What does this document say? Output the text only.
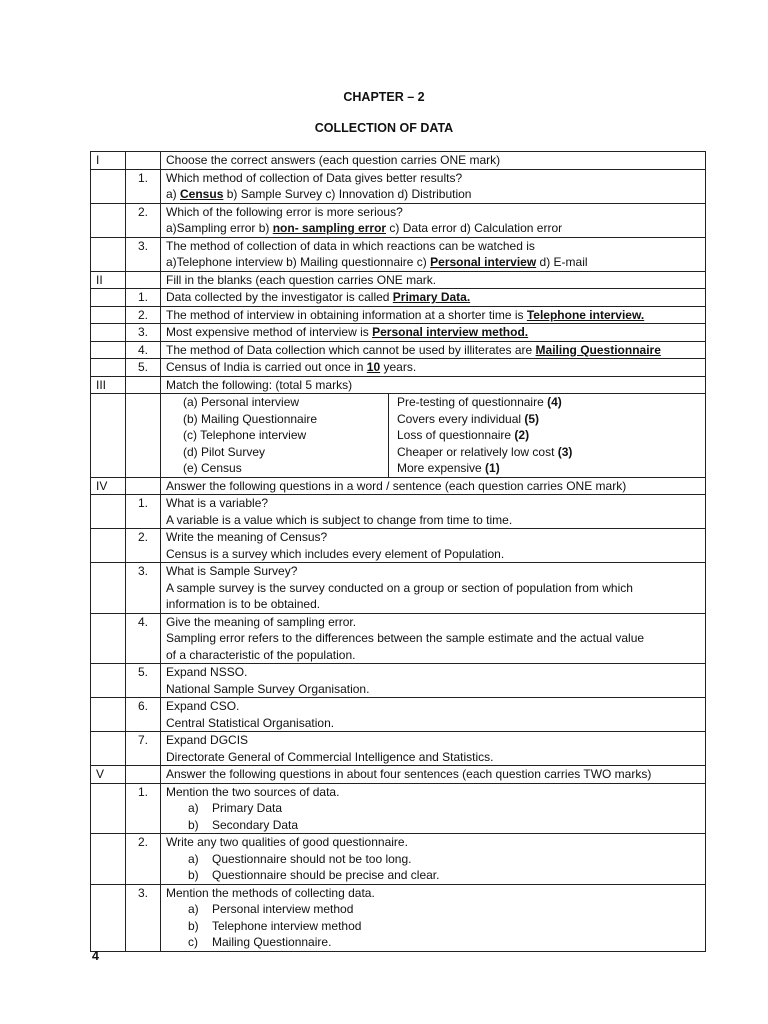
CHAPTER – 2
COLLECTION OF DATA
I		Choose the correct answers (each question carries ONE mark)
	1.	Which method of collection of Data gives better results?
a) Census b) Sample Survey c) Innovation d) Distribution

	2.	Which of the following error is more serious?
a)Sampling error b) non- sampling error c) Data error d) Calculation error

	3.	The method of collection of data in which reactions can be watched is
a)Telephone interview b) Mailing questionnaire c) Personal interview d) E-mail

II		Fill in the blanks (each question carries ONE mark.
	1.	Data collected by the investigator is called Primary Data.
	2.	The method of interview in obtaining information at a shorter time is Telephone interview.
	3.	Most expensive method of interview is Personal interview method.
	4.	The method of Data collection which cannot be used by illiterates are Mailing Questionnaire
	5.	Census of India is carried out once in 10 years.
III		Match the following: (total 5 marks)

(a) Personal interview	Pre-testing of questionnaire (4)
(b) Mailing Questionnaire	Covers every individual (5)
(c) Telephone interview	Loss of questionnaire (2)
(d) Pilot Survey	Cheaper or relatively low cost (3)
(e) Census	More expensive (1)

IV		Answer the following questions in a word / sentence (each question carries ONE mark)
	1.	What is a variable?
A variable is a value which is subject to change from time to time.

	2.	Write the meaning of Census?
Census is a survey which includes every element of Population.

	3.	What is Sample Survey?
A sample survey is the survey conducted on a group or section of population from which
information is to be obtained.

	4.	Give the meaning of sampling error.
Sampling error refers to the differences between the sample estimate and the actual value
of a characteristic of the population.

	5.	Expand NSSO.
National Sample Survey Organisation.

	6.	Expand CSO.
Central Statistical Organisation.

	7.	Expand DGCIS
Directorate General of Commercial Intelligence and Statistics.

V		Answer the following questions in about four sentences (each question carries TWO marks)
	1.	Mention the two sources of data.
a)	Primary Data
b)	Secondary Data

	2.	Write any two qualities of good questionnaire.
a)	Questionnaire should not be too long.
b)	Questionnaire should be precise and clear.

	3.	Mention the methods of collecting data.
a)	Personal interview method
b)	Telephone interview method
c)	Mailing Questionnaire.
4
